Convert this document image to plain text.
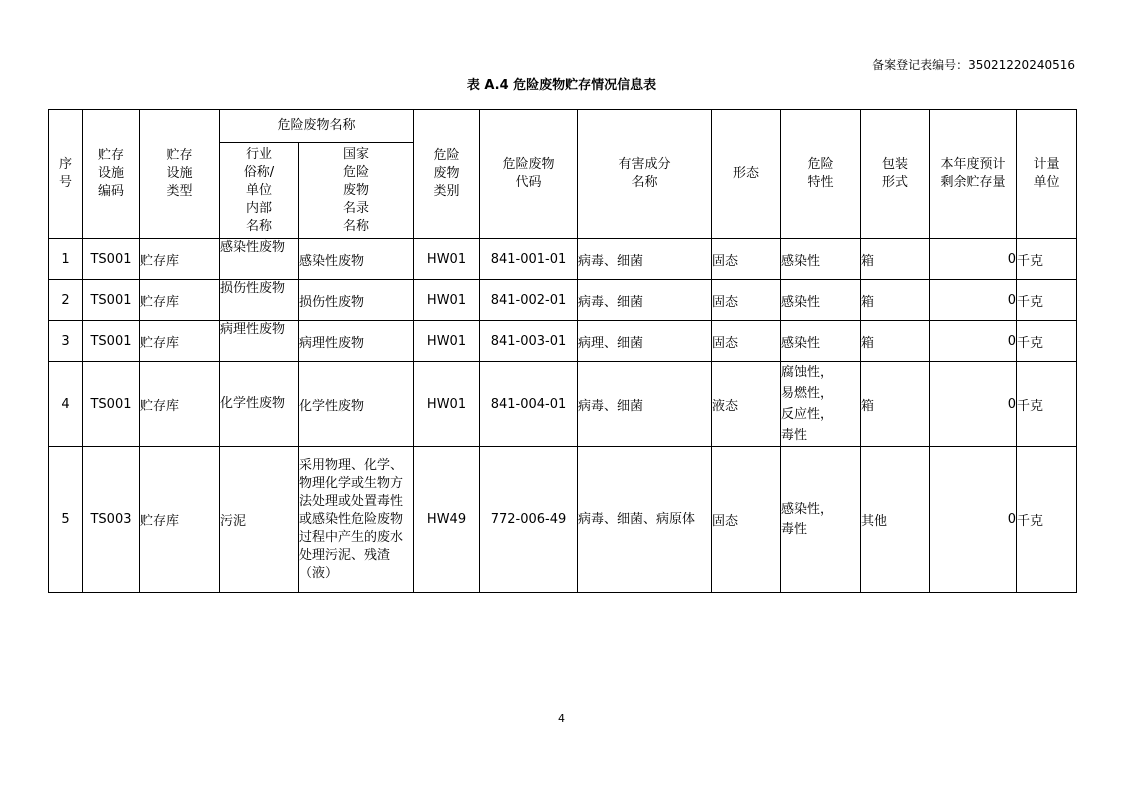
备案登记表编号：35021220240516
表 A.4 危险废物贮存情况信息表
序
号	贮存
设施
编码	贮存
设施
类型	危险废物名称		危险
废物
类别	危险废物
代码	有害成分
名称	形态	危险
特性	包装
形式	本年度预计
剩余贮存量	计量
单位
			行业
俗称/
单位
内部
名称	国家
危险
废物
名录
名称								
1	TS001	贮存库	感染性废物	感染性废物	HW01	841-001-01	病毒、细菌	固态	感染性	箱	0	千克
2	TS001	贮存库	损伤性废物	损伤性废物	HW01	841-002-01	病毒、细菌	固态	感染性	箱	0	千克
3	TS001	贮存库	病理性废物	病理性废物	HW01	841-003-01	病理、细菌	固态	感染性	箱	0	千克
4	TS001	贮存库	化学性废物	化学性废物	HW01	841-004-01	病毒、细菌	液态	腐蚀性，
易燃性，
反应性，
毒性	箱	0	千克
5	TS003	贮存库	污泥	采用物理、化学、物理化学或生物方法处理或处置毒性或感染性危险废物过程中产生的废水处理污泥、残渣（液）	HW49	772-006-49	病毒、细菌、病原体	固态	感染性，
毒性	其他	0	千克
4
